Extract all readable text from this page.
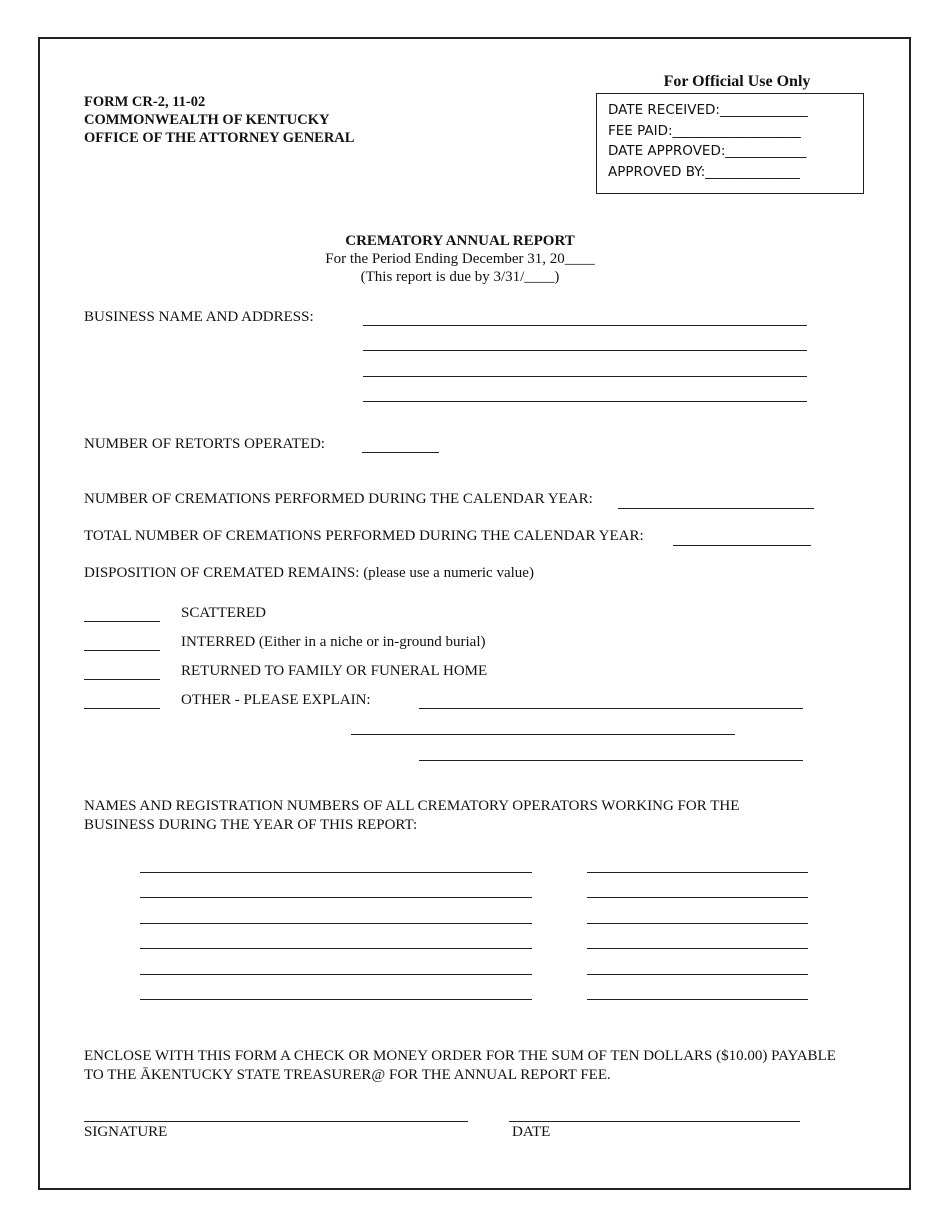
FORM CR-2, 11-02
COMMONWEALTH OF KENTUCKY
OFFICE OF THE ATTORNEY GENERAL
For Official Use Only
DATE RECEIVED:_____________
FEE PAID:___________________
DATE APPROVED:____________
APPROVED BY:______________
CREMATORY ANNUAL REPORT
For the Period Ending December 31, 20____
(This report is due by 3/31/____)
BUSINESS NAME AND ADDRESS:
NUMBER OF RETORTS OPERATED:
NUMBER OF CREMATIONS PERFORMED DURING THE CALENDAR YEAR:
TOTAL NUMBER OF CREMATIONS PERFORMED DURING THE CALENDAR YEAR:
DISPOSITION OF CREMATED REMAINS: (please use a numeric value)
SCATTERED
INTERRED (Either in a niche or in-ground burial)
RETURNED TO FAMILY OR FUNERAL HOME
OTHER - PLEASE EXPLAIN:
NAMES AND REGISTRATION NUMBERS OF ALL CREMATORY OPERATORS WORKING FOR THE
BUSINESS DURING THE YEAR OF THIS REPORT:
ENCLOSE WITH THIS FORM A CHECK OR MONEY ORDER FOR THE SUM OF TEN DOLLARS ($10.00) PAYABLE
TO THE ĀKENTUCKY STATE TREASURER@ FOR THE ANNUAL REPORT FEE.
SIGNATURE	DATE
